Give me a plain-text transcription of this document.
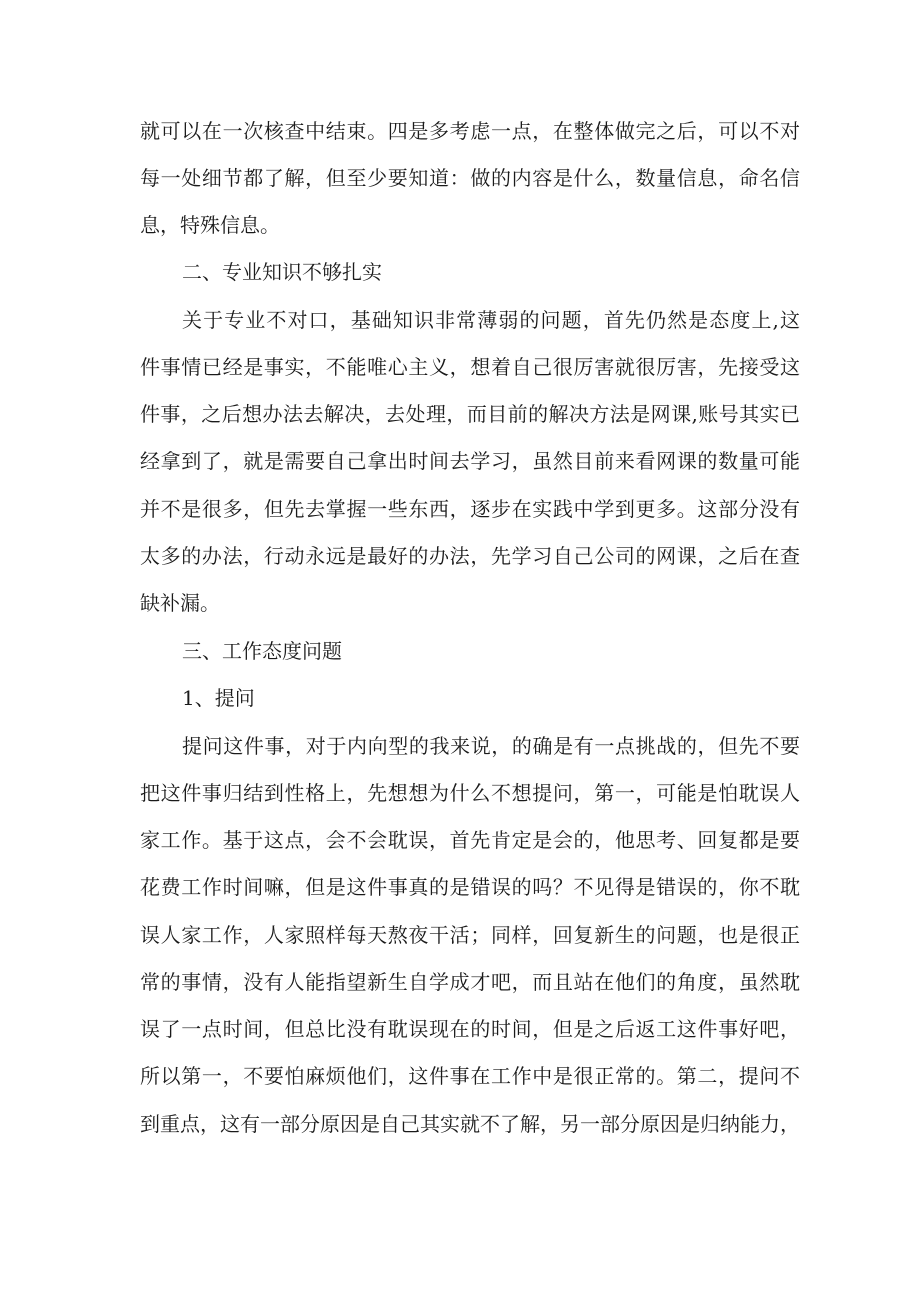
就可以在一次核查中结束。四是多考虑一点，在整体做完之后，可以不对
每一处细节都了解，但至少要知道：做的内容是什么，数量信息，命名信
息，特殊信息。
二、专业知识不够扎实
关于专业不对口，基础知识非常薄弱的问题，首先仍然是态度上,这
件事情已经是事实，不能唯心主义，想着自己很厉害就很厉害，先接受这
件事，之后想办法去解决，去处理，而目前的解决方法是网课,账号其实已
经拿到了，就是需要自己拿出时间去学习，虽然目前来看网课的数量可能
并不是很多，但先去掌握一些东西，逐步在实践中学到更多。这部分没有
太多的办法，行动永远是最好的办法，先学习自己公司的网课，之后在查
缺补漏。
三、工作态度问题
1、提问
提问这件事，对于内向型的我来说，的确是有一点挑战的，但先不要
把这件事归结到性格上，先想想为什么不想提问，第一，可能是怕耽误人
家工作。基于这点，会不会耽误，首先肯定是会的，他思考、回复都是要
花费工作时间嘛，但是这件事真的是错误的吗？不见得是错误的，你不耽
误人家工作，人家照样每天熬夜干活；同样，回复新生的问题，也是很正
常的事情，没有人能指望新生自学成才吧，而且站在他们的角度，虽然耽
误了一点时间，但总比没有耽误现在的时间，但是之后返工这件事好吧，
所以第一，不要怕麻烦他们，这件事在工作中是很正常的。第二，提问不
到重点，这有一部分原因是自己其实就不了解，另一部分原因是归纳能力，
